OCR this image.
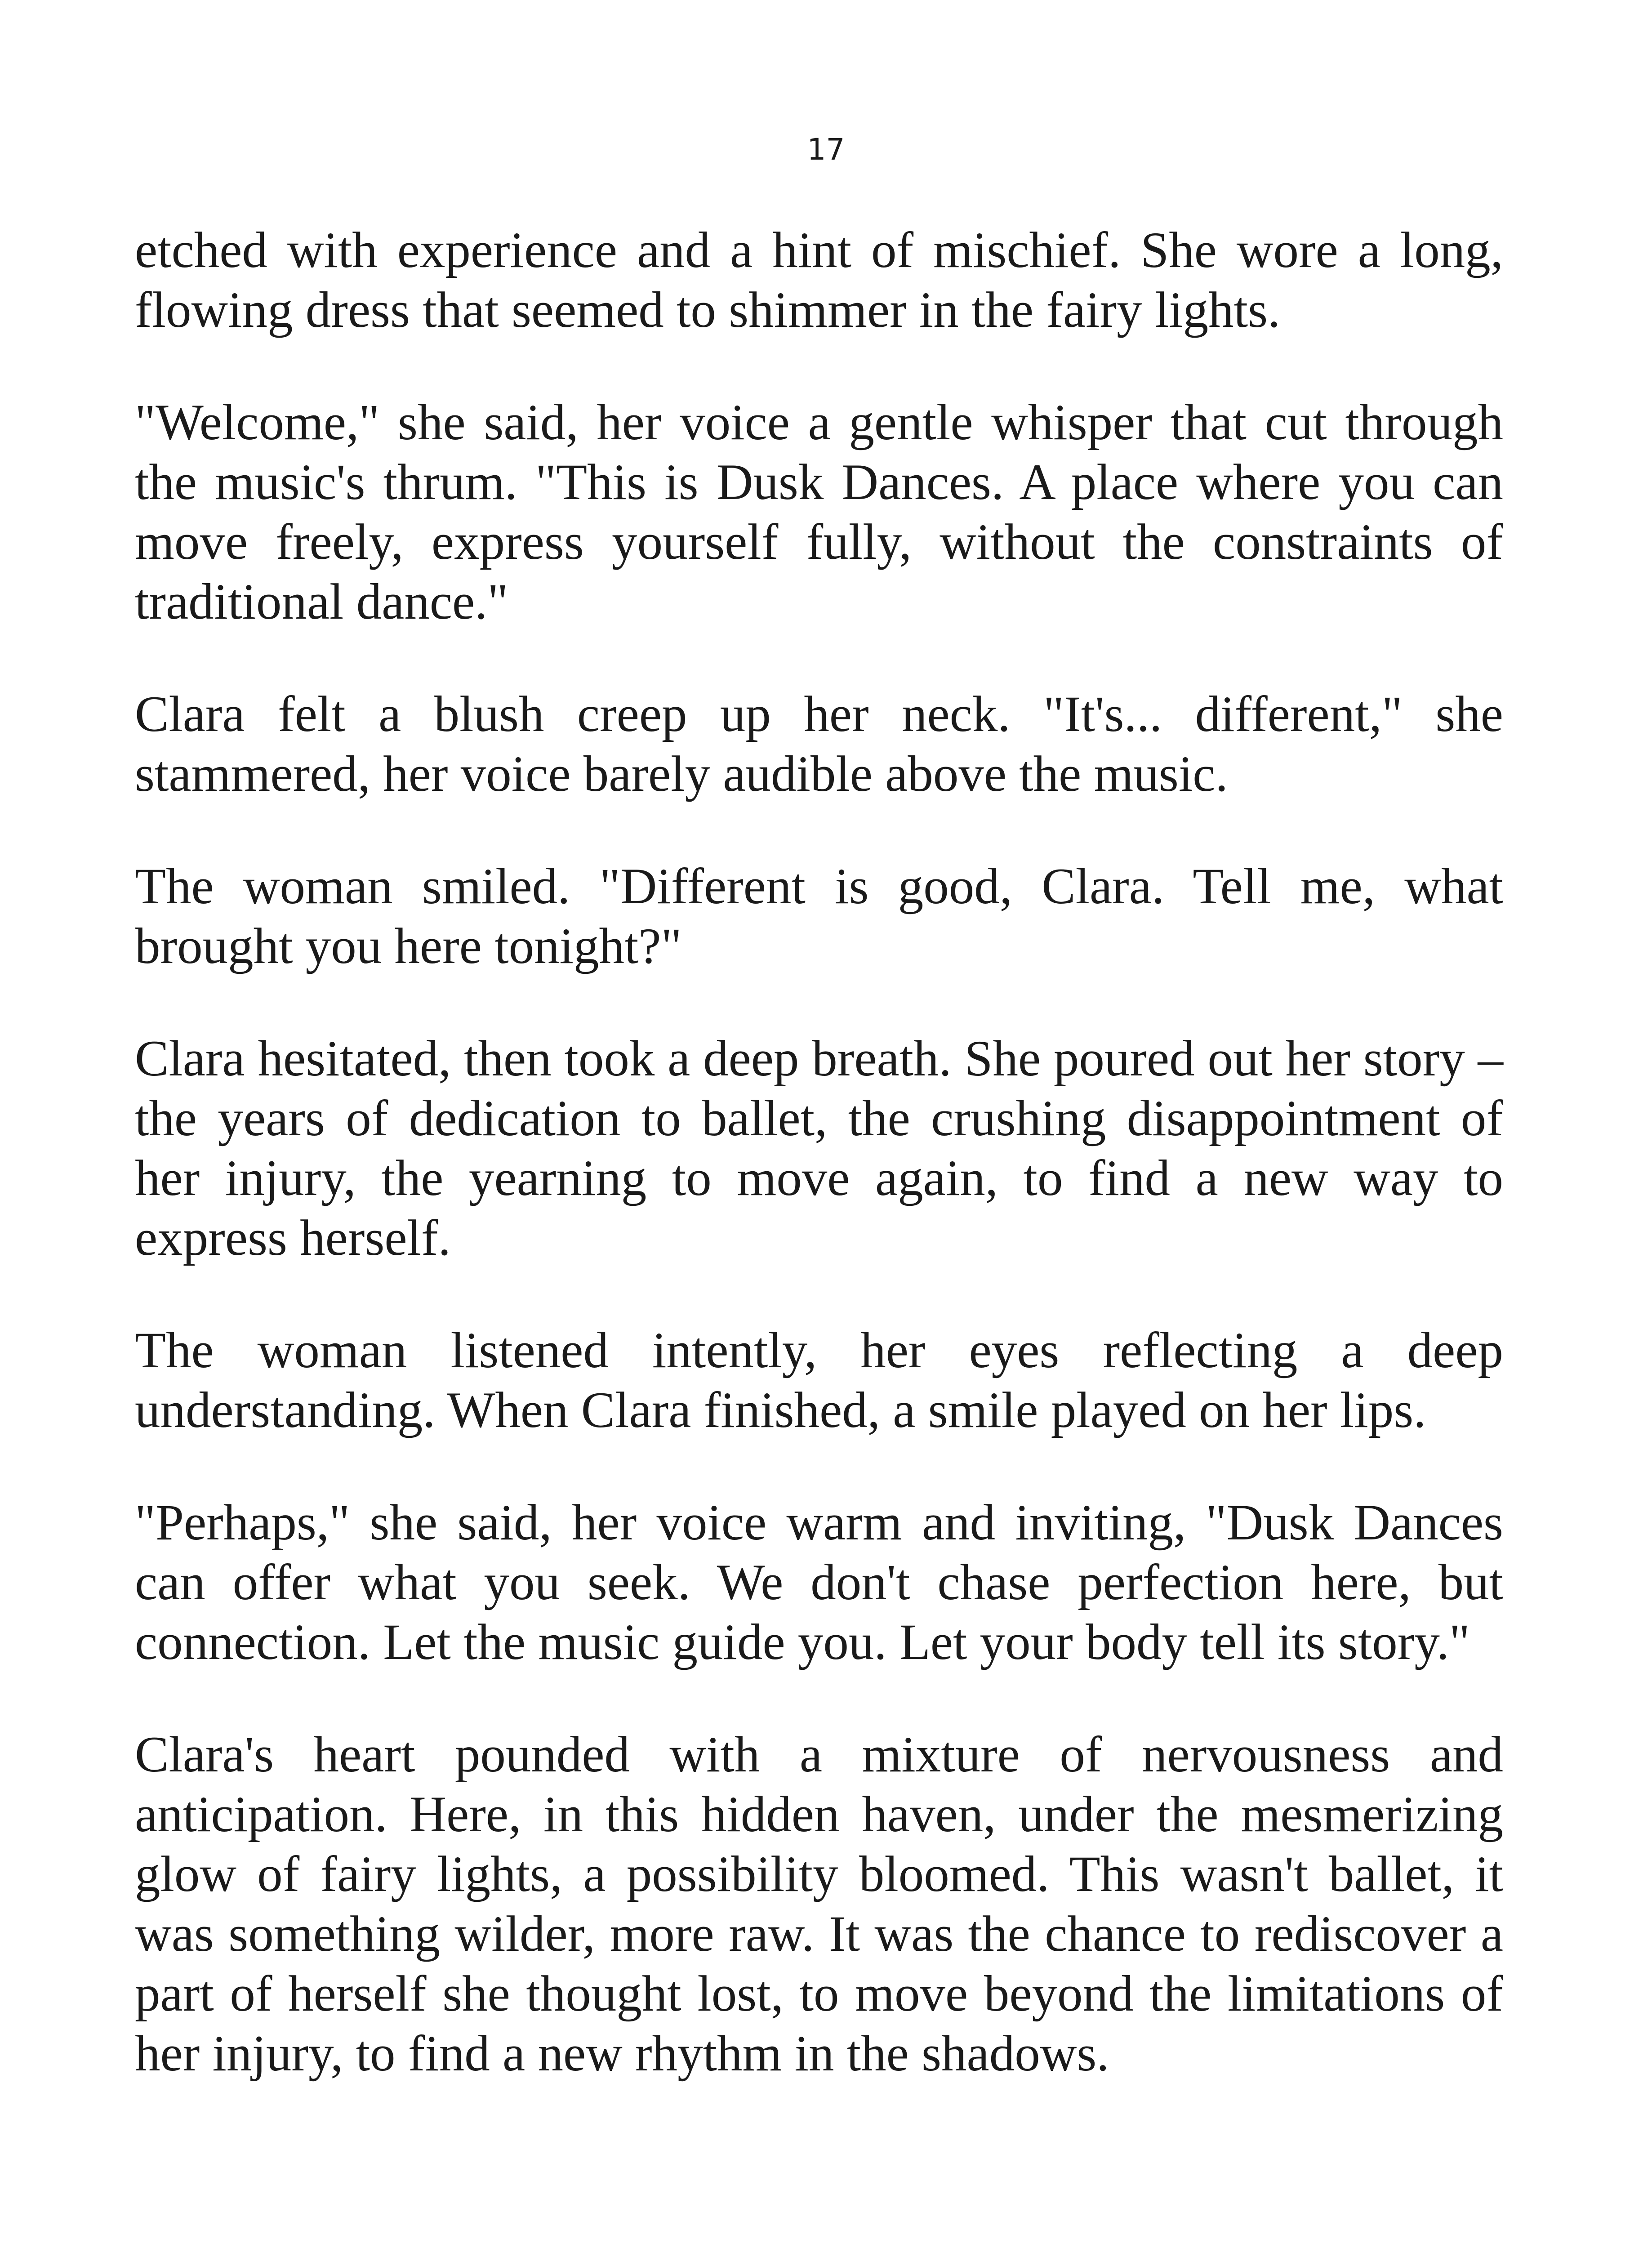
17

etched with experience and a hint of mischief. She wore a long, flowing dress that seemed to shimmer in the fairy lights.

"Welcome," she said, her voice a gentle whisper that cut through the music's thrum. "This is Dusk Dances. A place where you can move freely, express yourself fully, without the constraints of traditional dance."

Clara felt a blush creep up her neck. "It's... different," she stammered, her voice barely audible above the music.

The woman smiled. "Different is good, Clara. Tell me, what brought you here tonight?"

Clara hesitated, then took a deep breath. She poured out her story – the years of dedication to ballet, the crushing disappointment of her injury, the yearning to move again, to find a new way to express herself.

The woman listened intently, her eyes reflecting a deep understanding. When Clara finished, a smile played on her lips.

"Perhaps," she said, her voice warm and inviting, "Dusk Dances can offer what you seek. We don't chase perfection here, but connection. Let the music guide you. Let your body tell its story."

Clara's heart pounded with a mixture of nervousness and anticipation. Here, in this hidden haven, under the mesmerizing glow of fairy lights, a possibility bloomed. This wasn't ballet, it was something wilder, more raw. It was the chance to rediscover a part of herself she thought lost, to move beyond the limitations of her injury, to find a new rhythm in the shadows.
